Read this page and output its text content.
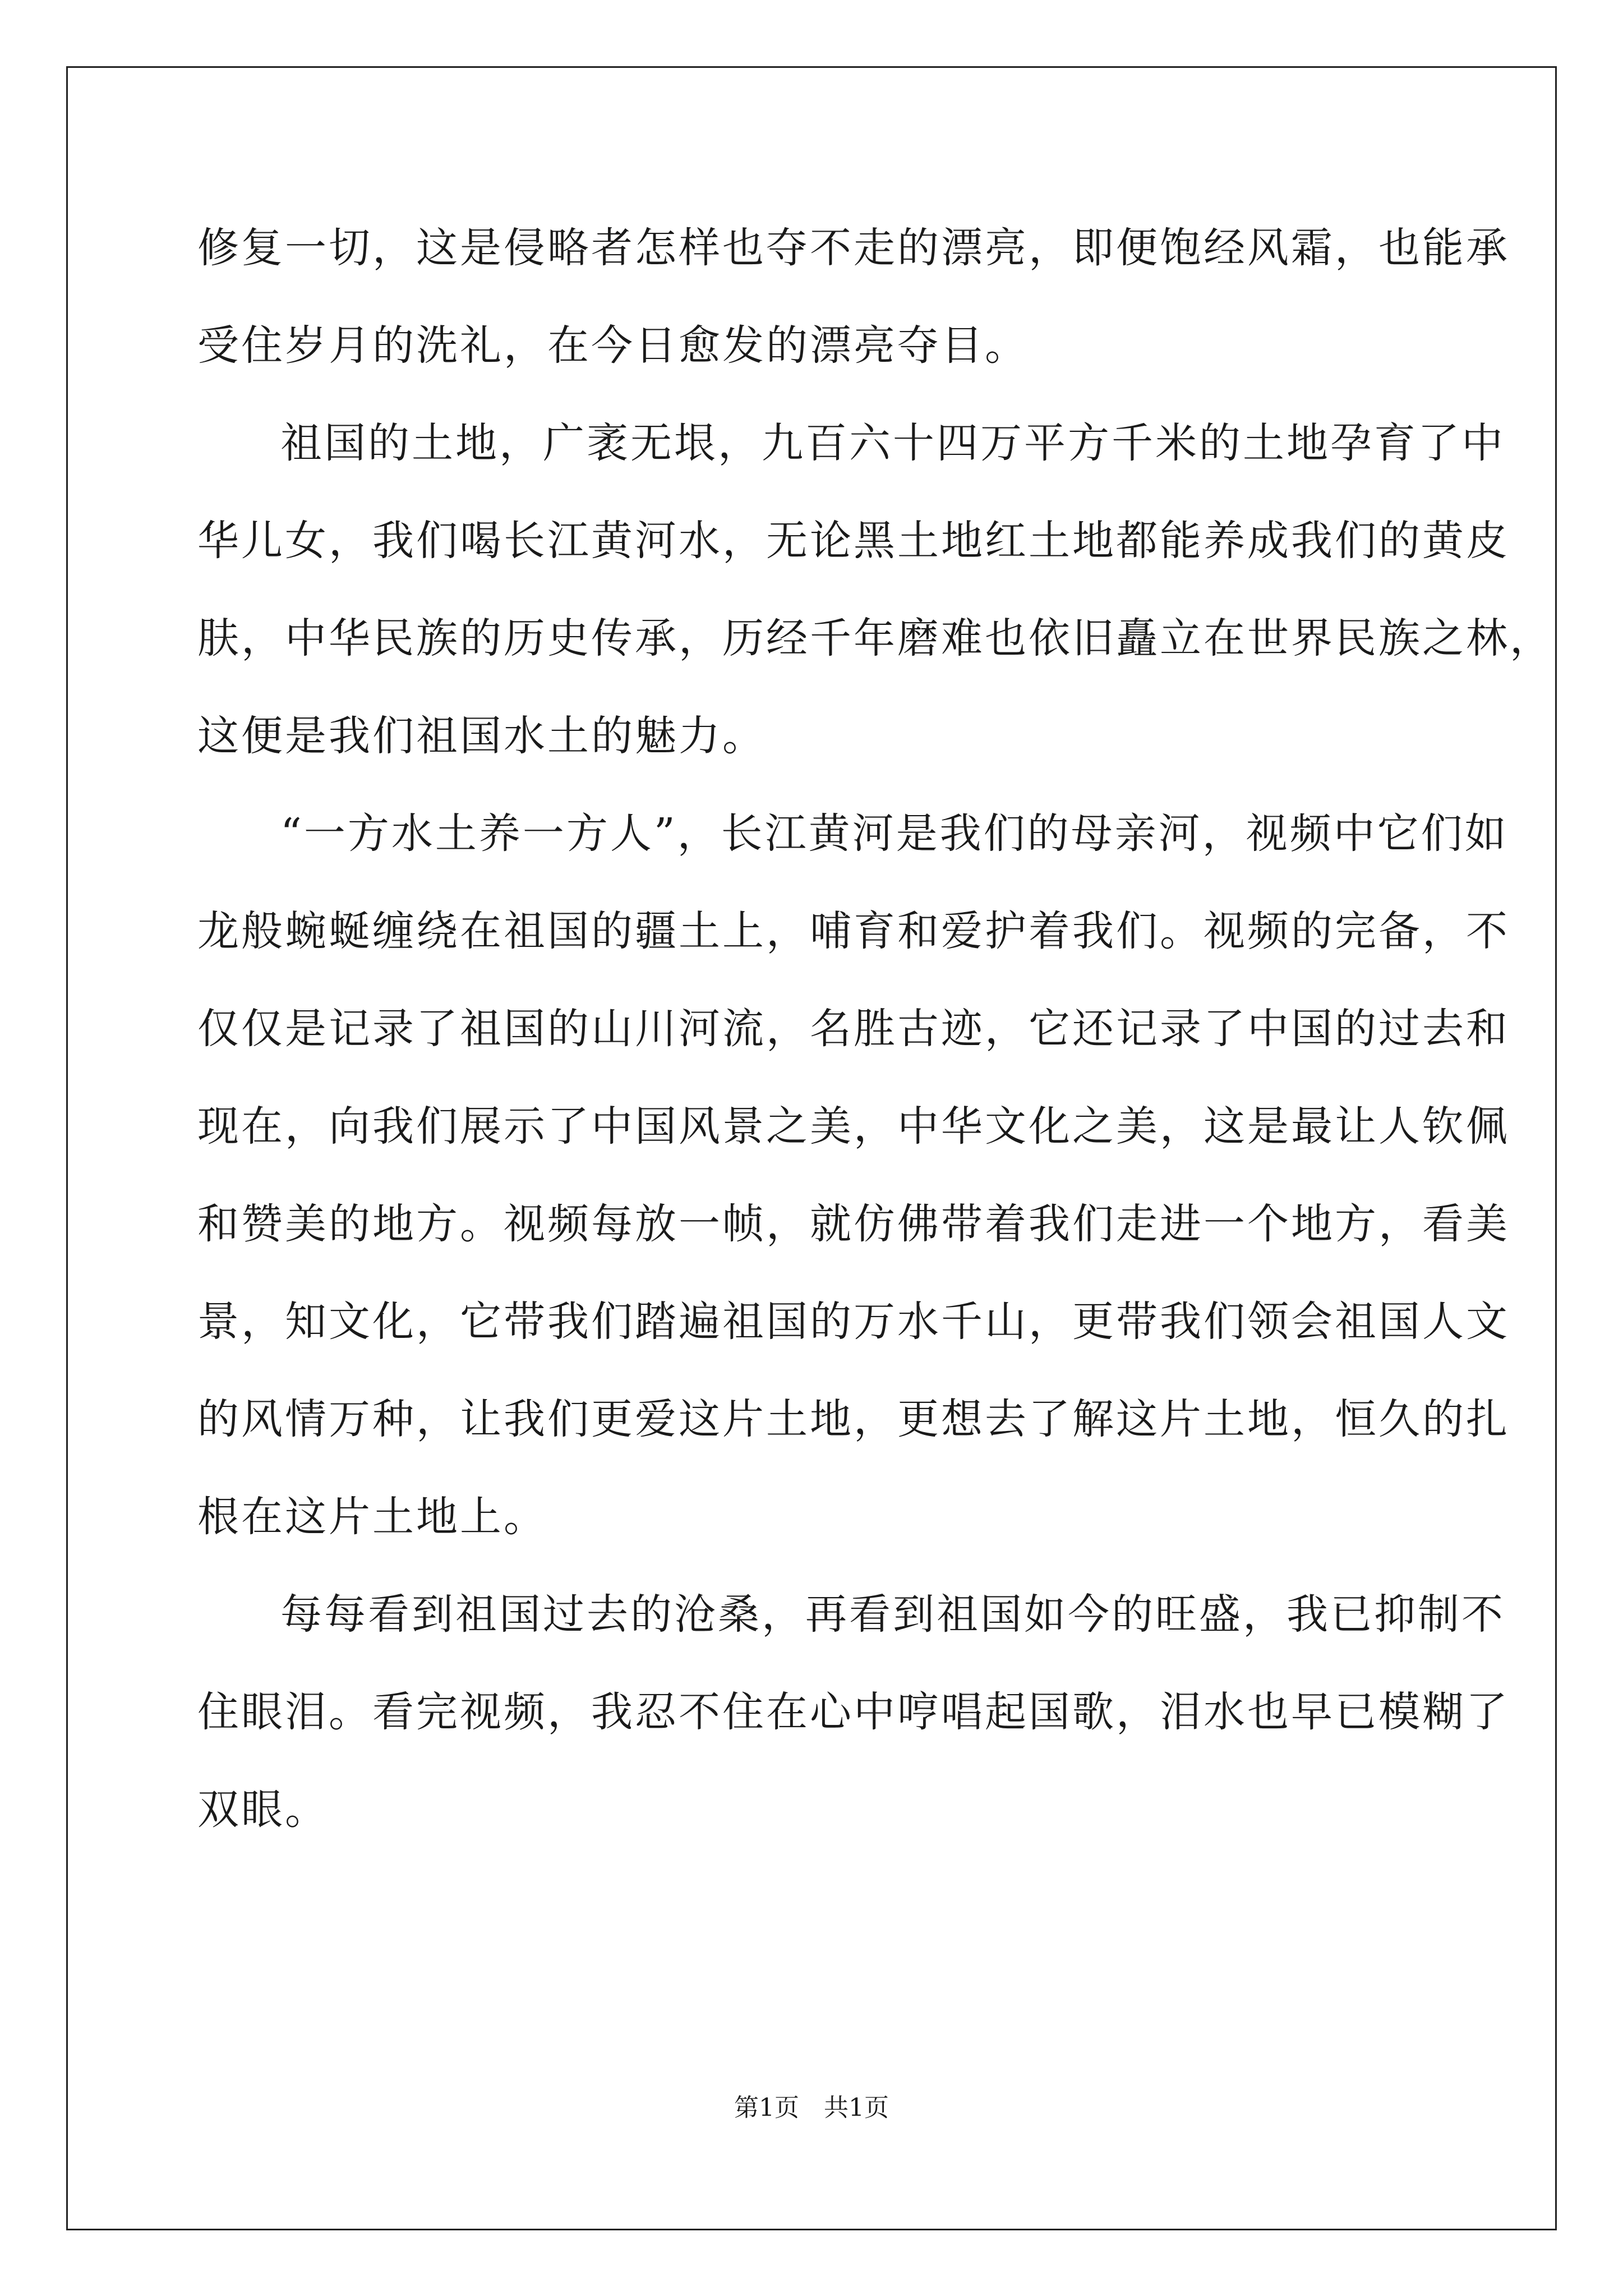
修复一切，这是侵略者怎样也夺不走的漂亮，即便饱经风霜，也能承
受住岁月的洗礼，在今日愈发的漂亮夺目。
祖国的土地，广袤无垠，九百六十四万平方千米的土地孕育了中
华儿女，我们喝长江黄河水，无论黑土地红土地都能养成我们的黄皮
肤，中华民族的历史传承，历经千年磨难也依旧矗立在世界民族之林，
这便是我们祖国水土的魅力。
“一方水土养一方人”，长江黄河是我们的母亲河，视频中它们如
龙般蜿蜒缠绕在祖国的疆土上，哺育和爱护着我们。视频的完备，不
仅仅是记录了祖国的山川河流，名胜古迹，它还记录了中国的过去和
现在，向我们展示了中国风景之美，中华文化之美，这是最让人钦佩
和赞美的地方。视频每放一帧，就仿佛带着我们走进一个地方，看美
景，知文化，它带我们踏遍祖国的万水千山，更带我们领会祖国人文
的风情万种，让我们更爱这片土地，更想去了解这片土地，恒久的扎
根在这片土地上。
每每看到祖国过去的沧桑，再看到祖国如今的旺盛，我已抑制不
住眼泪。看完视频，我忍不住在心中哼唱起国歌，泪水也早已模糊了
双眼。
第1页 共1页
